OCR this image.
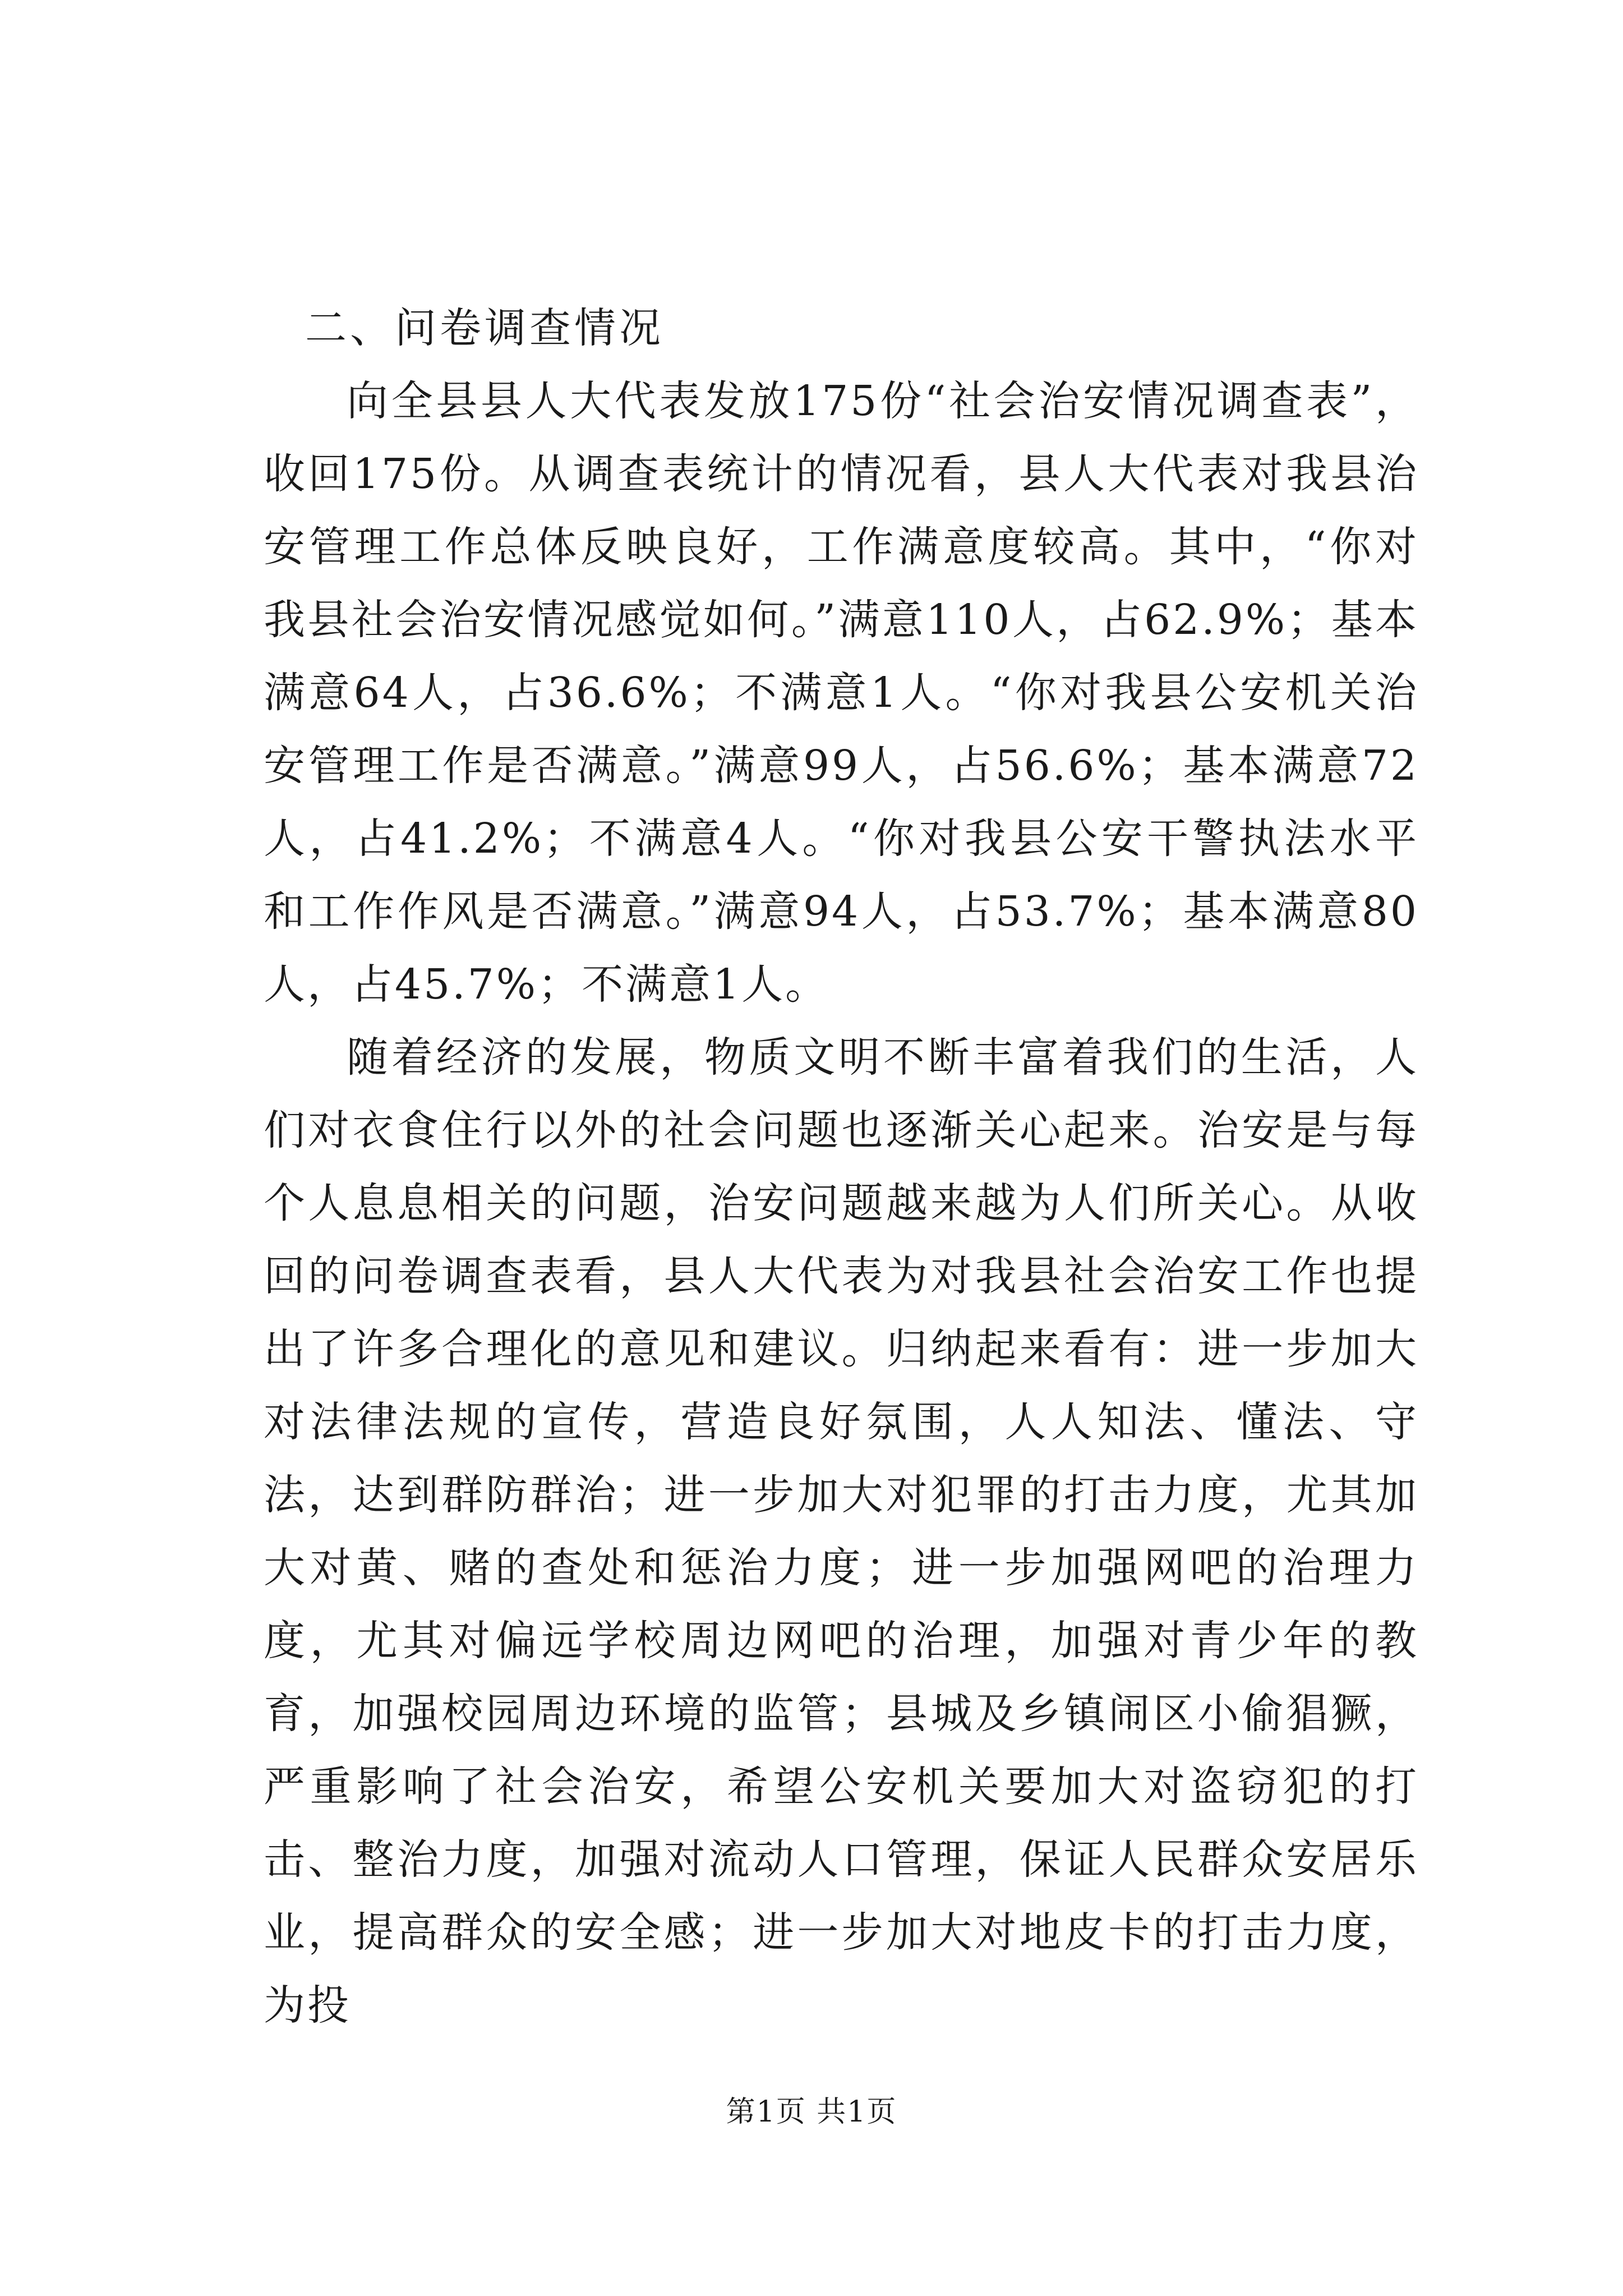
二、问卷调查情况

向全县县人大代表发放175份“社会治安情况调查表”，收回175份。从调查表统计的情况看，县人大代表对我县治安管理工作总体反映良好，工作满意度较高。其中，“你对我县社会治安情况感觉如何。”满意110人，占62.9%；基本满意64人，占36.6%；不满意1人。“你对我县公安机关治安管理工作是否满意。”满意99人，占56.6%；基本满意72人，占41.2%；不满意4人。“你对我县公安干警执法水平和工作作风是否满意。”满意94人，占53.7%；基本满意80人，占45.7%；不满意1人。

随着经济的发展，物质文明不断丰富着我们的生活，人们对衣食住行以外的社会问题也逐渐关心起来。治安是与每个人息息相关的问题，治安问题越来越为人们所关心。从收回的问卷调查表看，县人大代表为对我县社会治安工作也提出了许多合理化的意见和建议。归纳起来看有：进一步加大对法律法规的宣传，营造良好氛围，人人知法、懂法、守法，达到群防群治；进一步加大对犯罪的打击力度，尤其加大对黄、赌的查处和惩治力度；进一步加强网吧的治理力度，尤其对偏远学校周边网吧的治理，加强对青少年的教育，加强校园周边环境的监管；县城及乡镇闹区小偷猖獗，严重影响了社会治安，希望公安机关要加大对盗窃犯的打击、整治力度，加强对流动人口管理，保证人民群众安居乐业，提高群众的安全感；进一步加大对地皮卡的打击力度，为投

第1页 共1页
